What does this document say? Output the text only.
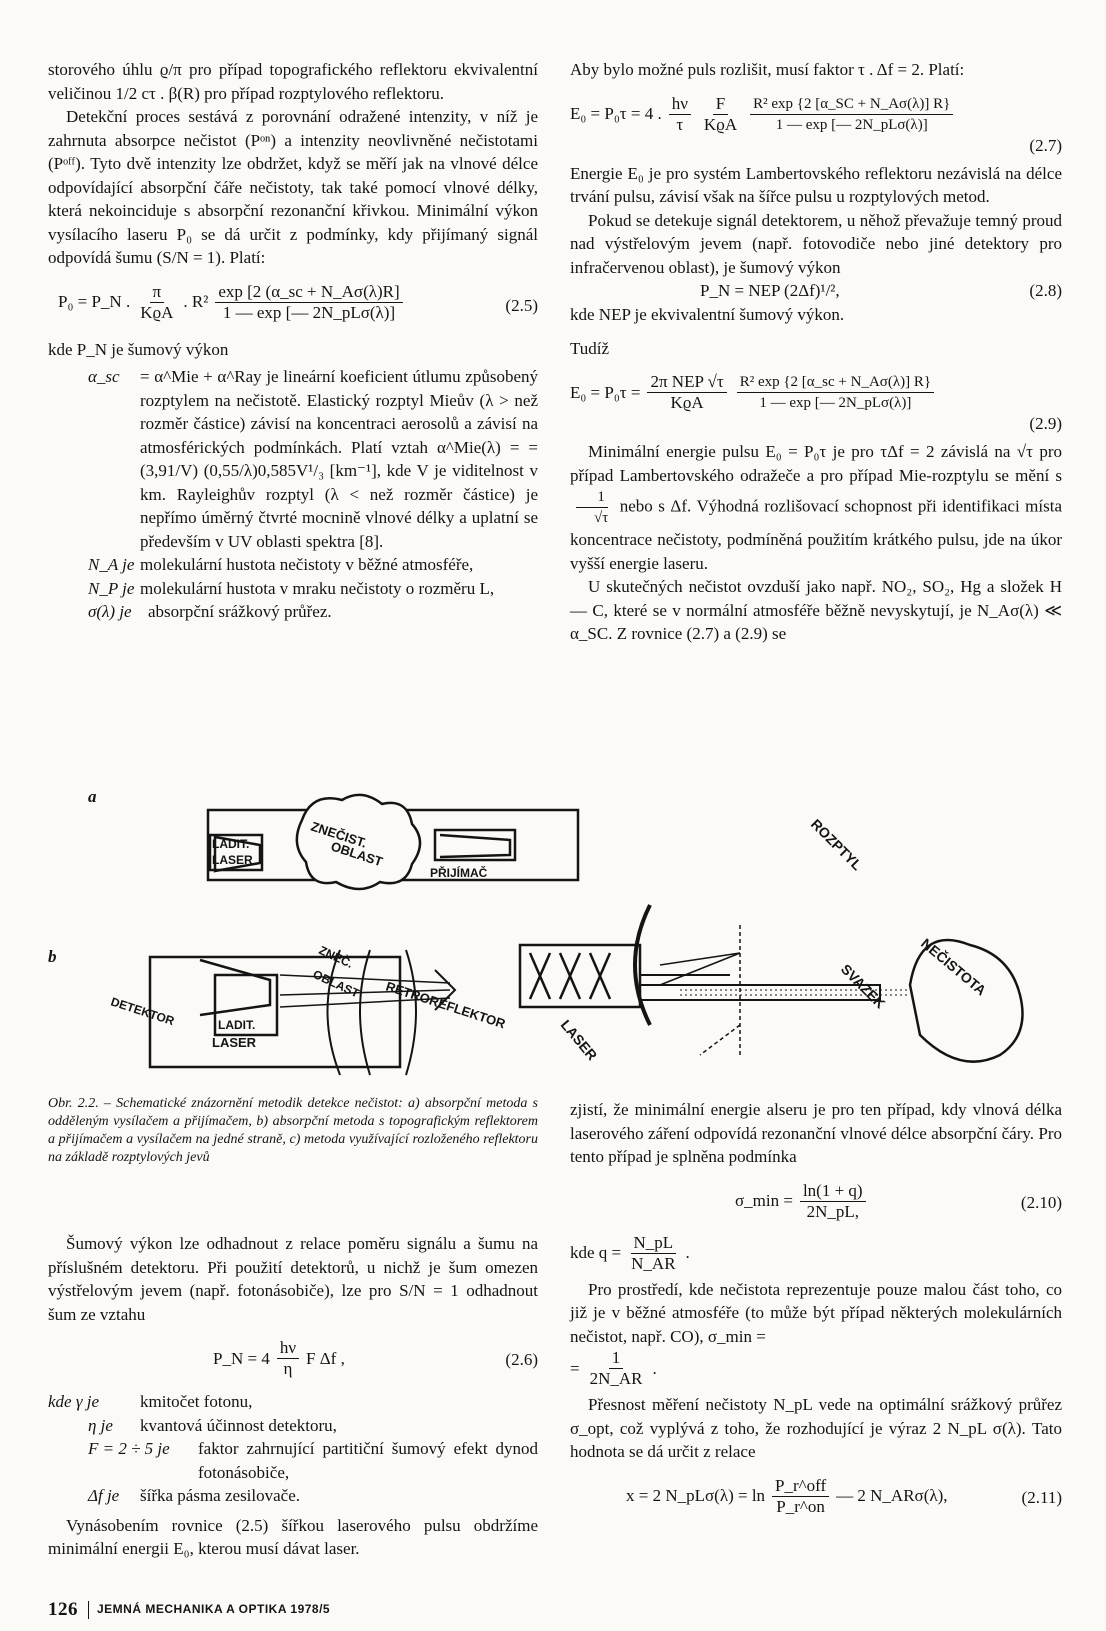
storového úhlu ϱ/π pro případ topografického reflektoru ekvivalentní veličinou 1/2 cτ . β(R) pro případ rozptylového reflektoru.

Detekční proces sestává z porovnání odražené intenzity, v níž je zahrnuta absorpce nečistot (Pᵒⁿ) a intenzity neovlivněné nečistotami (Pᵒᶠᶠ). Tyto dvě intenzity lze obdržet, když se měří jak na vlnové délce odpovídající absorpční čáře nečistoty, tak také pomocí vlnové délky, která nekoinciduje s absorpční rezonanční křivkou. Minimální výkon vysílacího laseru P₀ se dá určit z podmínky, kdy přijímaný signál odpovídá šumu (S/N = 1). Platí:

P₀ = P_N . $\frac{\pi}{\text{KϱA}}$ . $R^2 \frac{\exp [2 (\alpha\_sc + N\_A\sigma(\lambda)R]}{\text{1 — exp [— 2N\_pLσ(λ)]}}$	(2.5)

kde P_N je šumový výkon

α_sc	= α^Mie + α^Ray je lineární koeficient útlumu způsobený rozptylem na nečistotě. Elastický rozptyl Mieův (λ > než rozměr částice) závisí na koncentraci aerosolů a závisí na atmosférických podmínkách. Platí vztah α^Mie(λ) = = (3,91/V) (0,55/λ)0,585V¹/₃ [km⁻¹], kde V je viditelnost v km. Rayleighův rozptyl (λ < než rozměr částice) je nepřímo úměrný čtvrté mocnině vlnové délky a uplatní se především v UV oblasti spektra [8].
N_A je molekulární hustota nečistoty v běžné atmosféře,
N_P je molekulární hustota v mraku nečistoty o rozměru L,
σ(λ) je absorpční srážkový průřez.

Aby bylo možné puls rozlišit, musí faktor τ . Δf = 2. Platí:

E₀ = P₀τ = 4 . $\frac{h\nu}{\tau} \frac{F}{\text{KϱA}} \frac{\text{R² exp \{2 [α\_SC + N\_Aσ(λ)] R\}}}{\text{1 — exp [— 2N\_pLσ(λ)]}}$
(2.7)

Energie E₀ je pro systém Lambertovského reflektoru nezávislá na délce trvání pulsu, závisí však na šířce pulsu u rozptylových metod.

Pokud se detekuje signál detektorem, u něhož převažuje temný proud nad výstřelovým jevem (např. fotovodiče nebo jiné detektory pro infračervenou oblast), je šumový výkon

P_N = NEP (2Δf)¹/²,	(2.8)

kde NEP je ekvivalentní šumový výkon.

Tudíž

$E_0 = P_0\tau = \frac{\text{2π NEP √τ}}{\text{KϱA}} \frac{\text{R² exp \{2 [α\_sc + N\_Aσ(λ)] R\}}}{\text{1 — exp [— 2N\_pLσ(λ)]}}$
(2.9)

Minimální energie pulsu E₀ = P₀τ je pro τΔf = 2 závislá na √τ pro případ Lambertovského odražeče a pro případ Mie-rozptylu se mění s
$\frac{1}{√\tau}$ nebo s Δf. Výhodná rozlišovací schopnost při identifikaci místa koncentrace nečistoty, podmíněná použitím krátkého pulsu, jde na úkor vyšší energie laseru.

U skutečných nečistot ovzduší jako např. NO₂, SO₂, Hg a složek H — C, které se v normální atmosféře běžně nevyskytují, je N_Aσ(λ) ≪ α_SC. Z rovnice (2.7) a (2.9) se

a
b
LADIT.
LASER
ZNEČIST.
OBLAST
PŘIJÍMAČ
DETEKTOR	LADIT.
LASER
ZNEČ.
OBLAST RETROREFLEKTOR
ROZPTYL
SVAZEK NEČISTOTA
LASER
Obr. 2.2. – Schematické znázornění metodik detekce nečistot: a) absorpční metoda s odděleným vysílačem a přijímačem, b) absorpční metoda s topografickým reflektorem a přijímačem a vysílačem na jedné straně, c) metoda využívající rozloženého reflektoru na základě rozptylových jevů

Šumový výkon lze odhadnout z relace poměru signálu a šumu na příslušném detektoru. Při použití detektorů, u nichž je šum omezen výstřelovým jevem (např. fotonásobiče), lze pro S/N = 1 odhadnout šum ze vztahu

P_N = $4 \frac{h\nu}{\eta}$ F Δf ,	(2.6)
kde γ je	kmitočet fotonu,
η je	kvantová účinnost detektoru,
F = 2 ÷ 5 je	faktor zahrnující partitiční šumový efekt dynod fotonásobiče,
Δf je	šířka pásma zesilovače.

Vynásobením rovnice (2.5) šířkou laserového pulsu obdržíme minimální energii E₀, kterou musí dávat laser.

zjistí, že minimální energie alseru je pro ten případ, kdy vlnová délka laserového záření odpovídá rezonanční vlnové délce absorpční čáry. Pro tento případ je splněna podmínka

σ_min = $\frac{\ln(1 + q)}{2N\_pL,}$	(2.10)
kde $q = \frac{N\_pL}{N\_AR}$ .

Pro prostředí, kde nečistota reprezentuje pouze malou část toho, co již je v běžné atmosféře (to může být případ některých molekulárních nečistot, např. CO), σ_min =

= $\frac{1}{2N\_AR}$ .

Přesnost měření nečistoty N_pL vede na optimální srážkový průřez σ_opt, což vyplývá z toho, že rozhodující je výraz 2 N_pL σ(λ). Tato hodnota se dá určit z relace

x = 2 N_pLσ(λ) = $\ln \frac{\text{P\_r\textasciicircum{}off}}{P\_r\^{}on}$ — 2 N_ARσ(λ),	(2.11)
126 JEMNÁ MECHANIKA A OPTIKA 1978/5
